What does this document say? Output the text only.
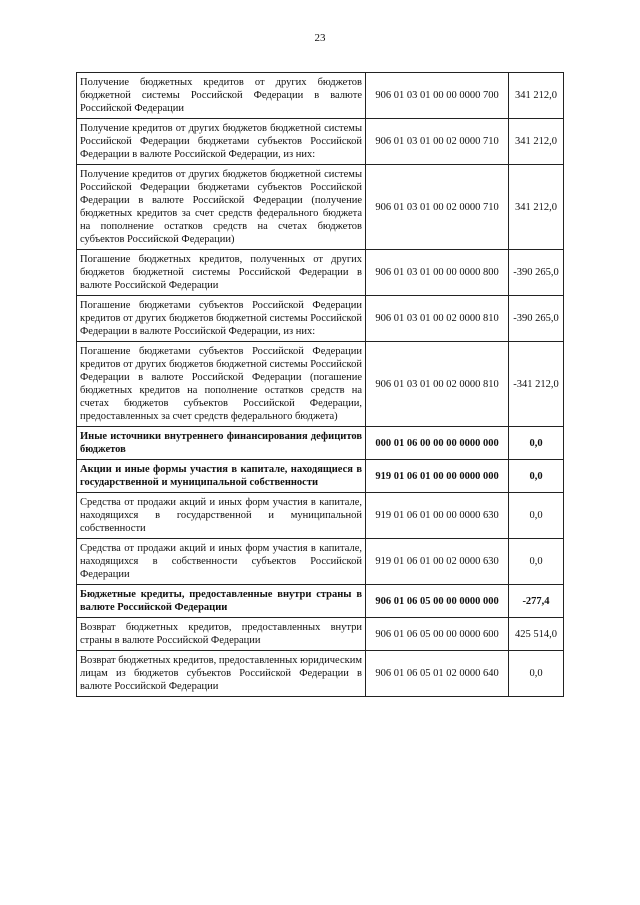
23
Получение бюджетных кредитов от других бюджетов бюджетной системы Российской Федерации в валюте Российской Федерации	906 01 03 01 00 00 0000 700	341 212,0
Получение кредитов от других бюджетов бюджетной системы Российской Федерации бюджетами субъектов Российской Федерации в валюте Российской Федерации, из них:	906 01 03 01 00 02 0000 710	341 212,0
Получение кредитов от других бюджетов бюджетной системы Российской Федерации бюджетами субъектов Российской Федерации в валюте Российской Федерации (получение бюджетных кредитов за счет средств федерального бюджета на пополнение остатков средств на счетах бюджетов субъектов Российской Федерации)	906 01 03 01 00 02 0000 710	341 212,0
Погашение бюджетных кредитов, полученных от других бюджетов бюджетной системы Российской Федерации в валюте Российской Федерации	906 01 03 01 00 00 0000 800	-390 265,0
Погашение бюджетами субъектов Российской Федерации кредитов от других бюджетов бюджетной системы Российской Федерации в валюте Российской Федерации, из них:	906 01 03 01 00 02 0000 810	-390 265,0
Погашение бюджетами субъектов Российской Федерации кредитов от других бюджетов бюджетной системы Российской Федерации в валюте Российской Федерации (погашение бюджетных кредитов на пополнение остатков средств на счетах бюджетов субъектов Российской Федерации, предоставленных за счет средств федерального бюджета)	906 01 03 01 00 02 0000 810	-341 212,0
Иные источники внутреннего финансирования дефицитов бюджетов	000 01 06 00 00 00 0000 000	0,0
Акции и иные формы участия в капитале, находящиеся в государственной и муниципальной собственности	919 01 06 01 00 00 0000 000	0,0
Средства от продажи акций и иных форм участия в капитале, находящихся в государственной и муниципальной собственности	919 01 06 01 00 00 0000 630	0,0
Средства от продажи акций и иных форм участия в капитале, находящихся в собственности субъектов Российской Федерации	919 01 06 01 00 02 0000 630	0,0
Бюджетные кредиты, предоставленные внутри страны в валюте Российской Федерации	906 01 06 05 00 00 0000 000	-277,4
Возврат бюджетных кредитов, предоставленных внутри страны в валюте Российской Федерации	906 01 06 05 00 00 0000 600	425 514,0
Возврат бюджетных кредитов, предоставленных юридическим лицам из бюджетов субъектов Российской Федерации в валюте Российской Федерации	906 01 06 05 01 02 0000 640	0,0
